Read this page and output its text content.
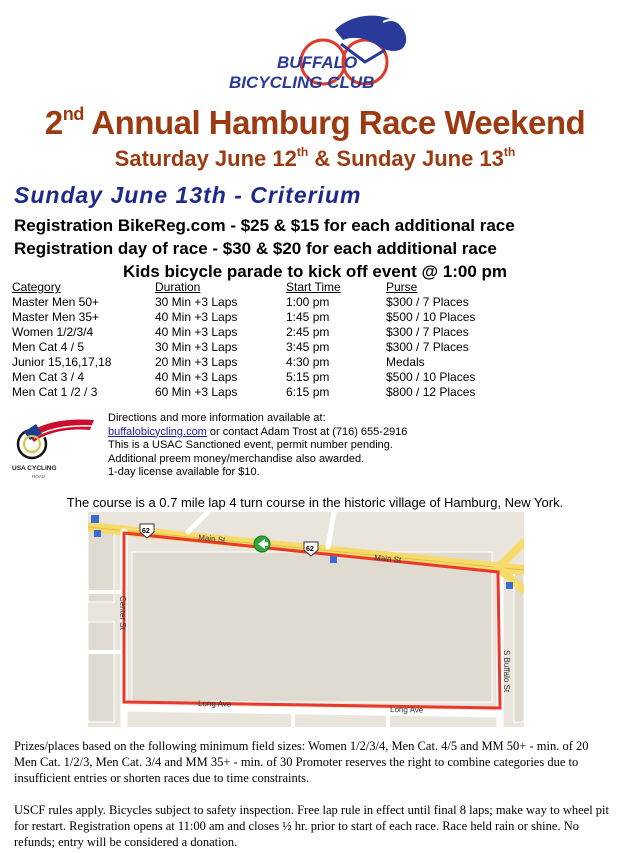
BUFFALO
BICYCLING CLUB
2nd Annual Hamburg Race Weekend
Saturday June 12th & Sunday June 13th
Sunday June 13th - Criterium
Registration BikeReg.com - $25 & $15 for each additional race
Registration day of race - $30 & $20 for each additional race
Kids bicycle parade to kick off event @ 1:00 pm
Category	Duration	Start Time	Purse
Master Men 50+	30 Min +3 Laps	1:00 pm	$300 / 7 Places
Master Men 35+	40 Min +3 Laps	1:45 pm	$500 / 10 Places
Women 1/2/3/4	40 Min +3 Laps	2:45 pm	$300 / 7 Places
Men Cat 4 / 5	30 Min +3 Laps	3:45 pm	$300 / 7 Places
Junior 15,16,17,18	20 Min +3 Laps	4:30 pm	Medals
Men Cat 3 / 4	40 Min +3 Laps	5:15 pm	$500 / 10 Places
Men Cat 1 /2 / 3	60 Min +3 Laps	6:15 pm	$800 / 12 Places
USA CYCLING
ROAD
Directions and more information available at:
buffalobicycling.com or contact Adam Trost at (716) 655-2916
This is a USAC Sanctioned event, permit number pending.
Additional preem money/merchandise also awarded.
1-day license available for $10.
The course is a 0.7 mile lap 4 turn course in the historic village of Hamburg, New York.
62
62
Main St
Main St
Center St
S Buffalo St
Long Ave
Long Ave
Prizes/places based on the following minimum field sizes: Women 1/2/3/4, Men Cat. 4/5 and MM 50+ - min. of 20 Men Cat. 1/2/3, Men Cat. 3/4 and MM 35+ - min. of 30 Promoter reserves the right to combine categories due to insufficient entries or shorten races due to time constraints.
USCF rules apply. Bicycles subject to safety inspection. Free lap rule in effect until final 8 laps; make way to wheel pit for restart. Registration opens at 11:00 am and closes ½ hr. prior to start of each race. Race held rain or shine. No refunds; entry will be considered a donation.
